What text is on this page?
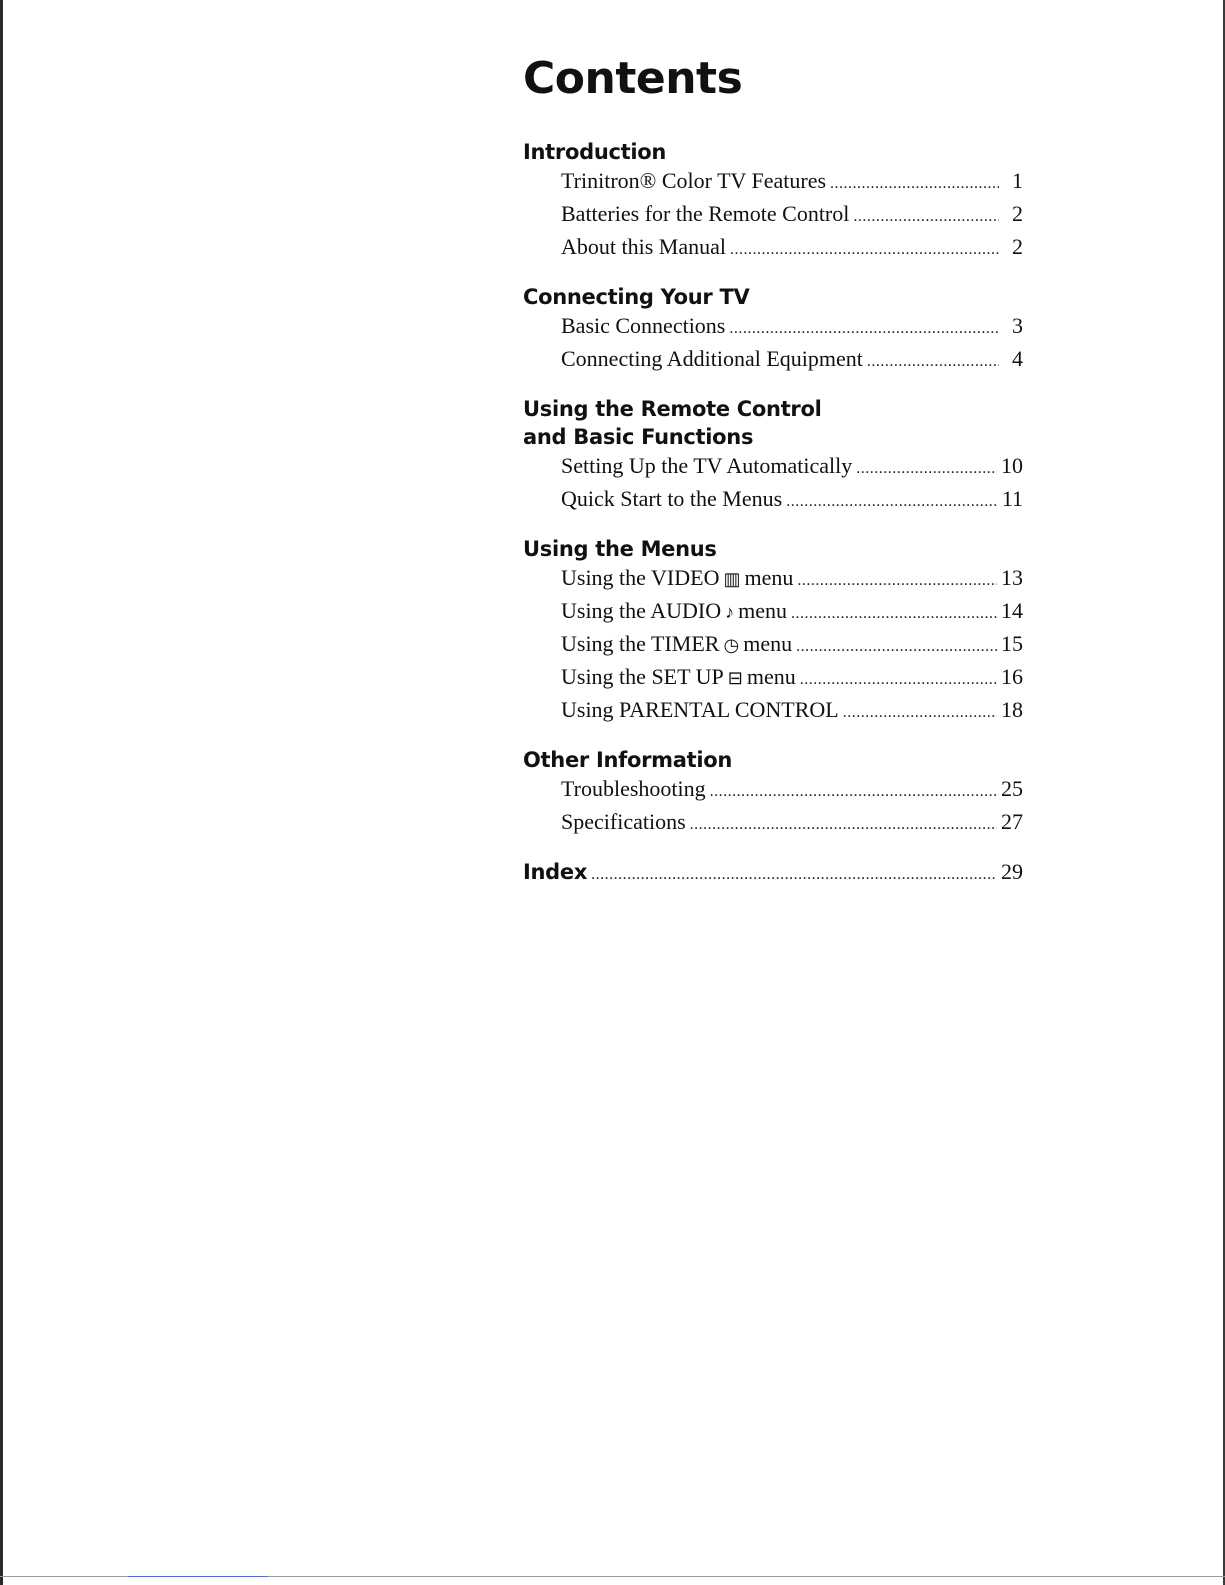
Contents
Introduction
Trinitron® Color TV Features .....	1
Batteries for the Remote Control .....	2
About this Manual .....	2
Connecting Your TV
Basic Connections .....	3
Connecting Additional Equipment .....	4
Using the Remote Control
and Basic Functions
Setting Up the TV Automatically .....	10
Quick Start to the Menus .....	11
Using the Menus
Using the VIDEO ▥ menu .....	13
Using the AUDIO ♪ menu .....	14
Using the TIMER ◷ menu .....	15
Using the SET UP ⊟ menu .....	16
Using PARENTAL CONTROL .....	18
Other Information
Troubleshooting .....	25
Specifications .....	27
Index .....	29
